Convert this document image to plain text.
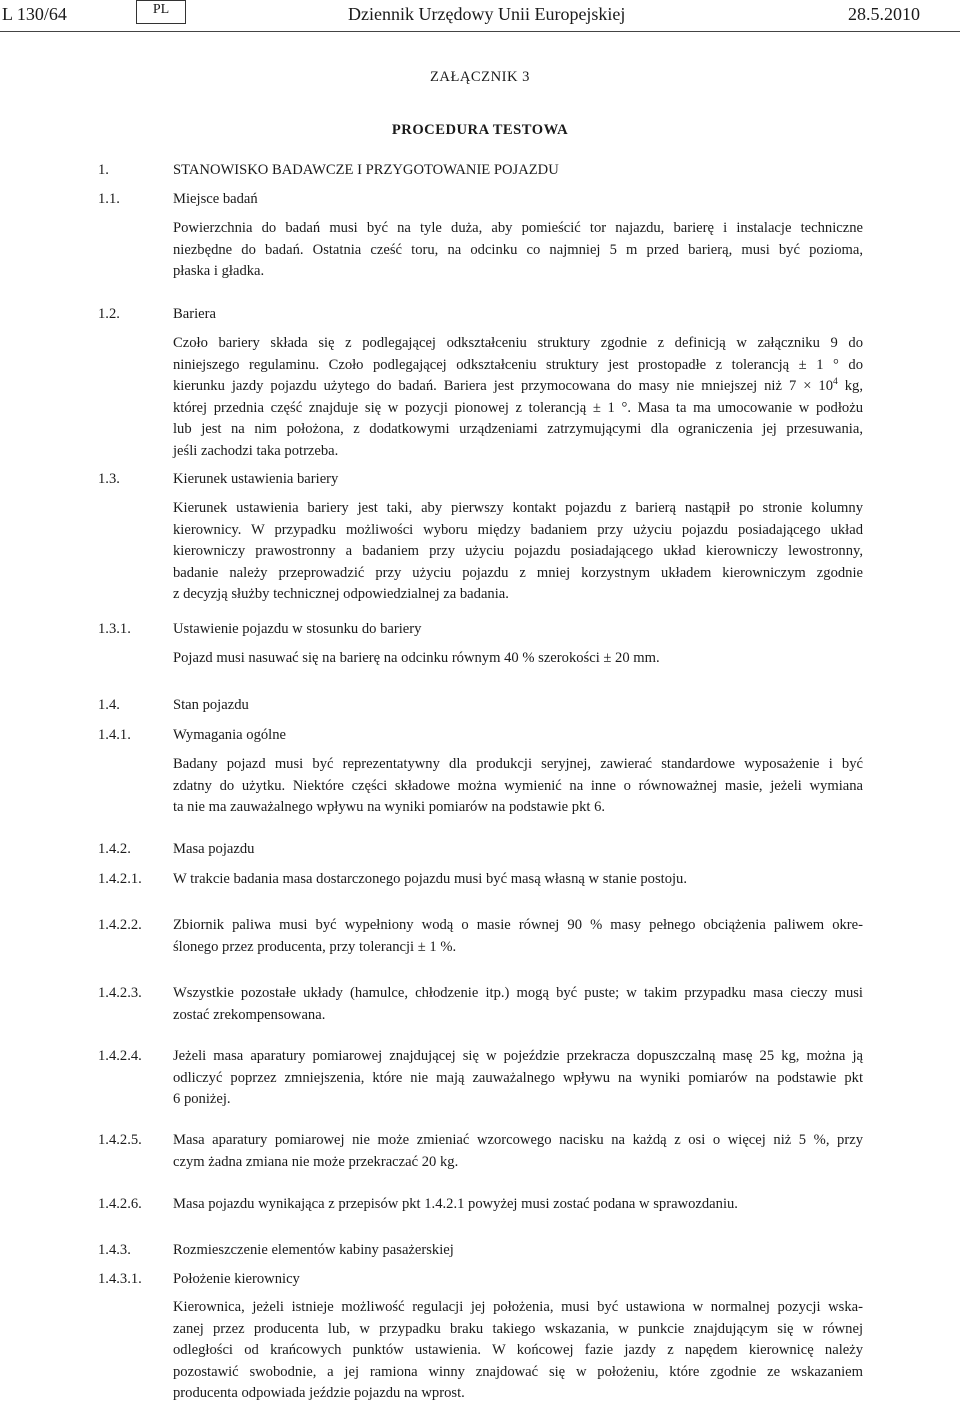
L 130/64	PL	Dziennik Urzędowy Unii Europejskiej	28.5.2010
ZAŁĄCZNIK 3
PROCEDURA TESTOWA
1.	STANOWISKO BADAWCZE I PRZYGOTOWANIE POJAZDU
1.1.	Miejsce badań
Powierzchnia do badań musi być na tyle duża, aby pomieścić tor najazdu, barierę i instalacje techniczne
niezbędne do badań. Ostatnia cześć toru, na odcinku co najmniej 5 m przed barierą, musi być pozioma,
płaska i gładka.
1.2.	Bariera
Czoło bariery składa się z podlegającej odkształceniu struktury zgodnie z definicją w załączniku 9 do
niniejszego regulaminu. Czoło podlegającej odkształceniu struktury jest prostopadłe z tolerancją ± 1 ° do
kierunku jazdy pojazdu użytego do badań. Bariera jest przymocowana do masy nie mniejszej niż $7 \times 10^4$ kg,
której przednia część znajduje się w pozycji pionowej z tolerancją ± 1 °. Masa ta ma umocowanie w podłożu
lub jest na nim położona, z dodatkowymi urządzeniami zatrzymującymi dla ograniczenia jej przesuwania,
jeśli zachodzi taka potrzeba.
1.3.	Kierunek ustawienia bariery
Kierunek ustawienia bariery jest taki, aby pierwszy kontakt pojazdu z barierą nastąpił po stronie kolumny
kierownicy. W przypadku możliwości wyboru między badaniem przy użyciu pojazdu posiadającego układ
kierowniczy prawostronny a badaniem przy użyciu pojazdu posiadającego układ kierowniczy lewostronny,
badanie należy przeprowadzić przy użyciu pojazdu z mniej korzystnym układem kierowniczym zgodnie
z decyzją służby technicznej odpowiedzialnej za badania.
1.3.1.	Ustawienie pojazdu w stosunku do bariery
Pojazd musi nasuwać się na barierę na odcinku równym 40 % szerokości ± 20 mm.
1.4.	Stan pojazdu
1.4.1.	Wymagania ogólne
Badany pojazd musi być reprezentatywny dla produkcji seryjnej, zawierać standardowe wyposażenie i być
zdatny do użytku. Niektóre części składowe można wymienić na inne o równoważnej masie, jeżeli wymiana
ta nie ma zauważalnego wpływu na wyniki pomiarów na podstawie pkt 6.
1.4.2.	Masa pojazdu
1.4.2.1. W trakcie badania masa dostarczonego pojazdu musi być masą własną w stanie postoju.
1.4.2.2. Zbiornik paliwa musi być wypełniony wodą o masie równej 90 % masy pełnego obciążenia paliwem okre-
ślonego przez producenta, przy tolerancji ± 1 %.
1.4.2.3. Wszystkie pozostałe układy (hamulce, chłodzenie itp.) mogą być puste; w takim przypadku masa cieczy musi
zostać zrekompensowana.
1.4.2.4. Jeżeli masa aparatury pomiarowej znajdującej się w pojeździe przekracza dopuszczalną masę 25 kg, można ją
odliczyć poprzez zmniejszenia, które nie mają zauważalnego wpływu na wyniki pomiarów na podstawie pkt
6 poniżej.
1.4.2.5. Masa aparatury pomiarowej nie może zmieniać wzorcowego nacisku na każdą z osi o więcej niż 5 %, przy
czym żadna zmiana nie może przekraczać 20 kg.
1.4.2.6. Masa pojazdu wynikająca z przepisów pkt 1.4.2.1 powyżej musi zostać podana w sprawozdaniu.
1.4.3.	Rozmieszczenie elementów kabiny pasażerskiej
1.4.3.1. Położenie kierownicy
Kierownica, jeżeli istnieje możliwość regulacji jej położenia, musi być ustawiona w normalnej pozycji wska-
zanej przez producenta lub, w przypadku braku takiego wskazania, w punkcie znajdującym się w równej
odległości od krańcowych punktów ustawienia. W końcowej fazie jazdy z napędem kierownicę należy
pozostawić swobodnie, a jej ramiona winny znajdować się w położeniu, które zgodnie ze wskazaniem
producenta odpowiada jeździe pojazdu na wprost.
